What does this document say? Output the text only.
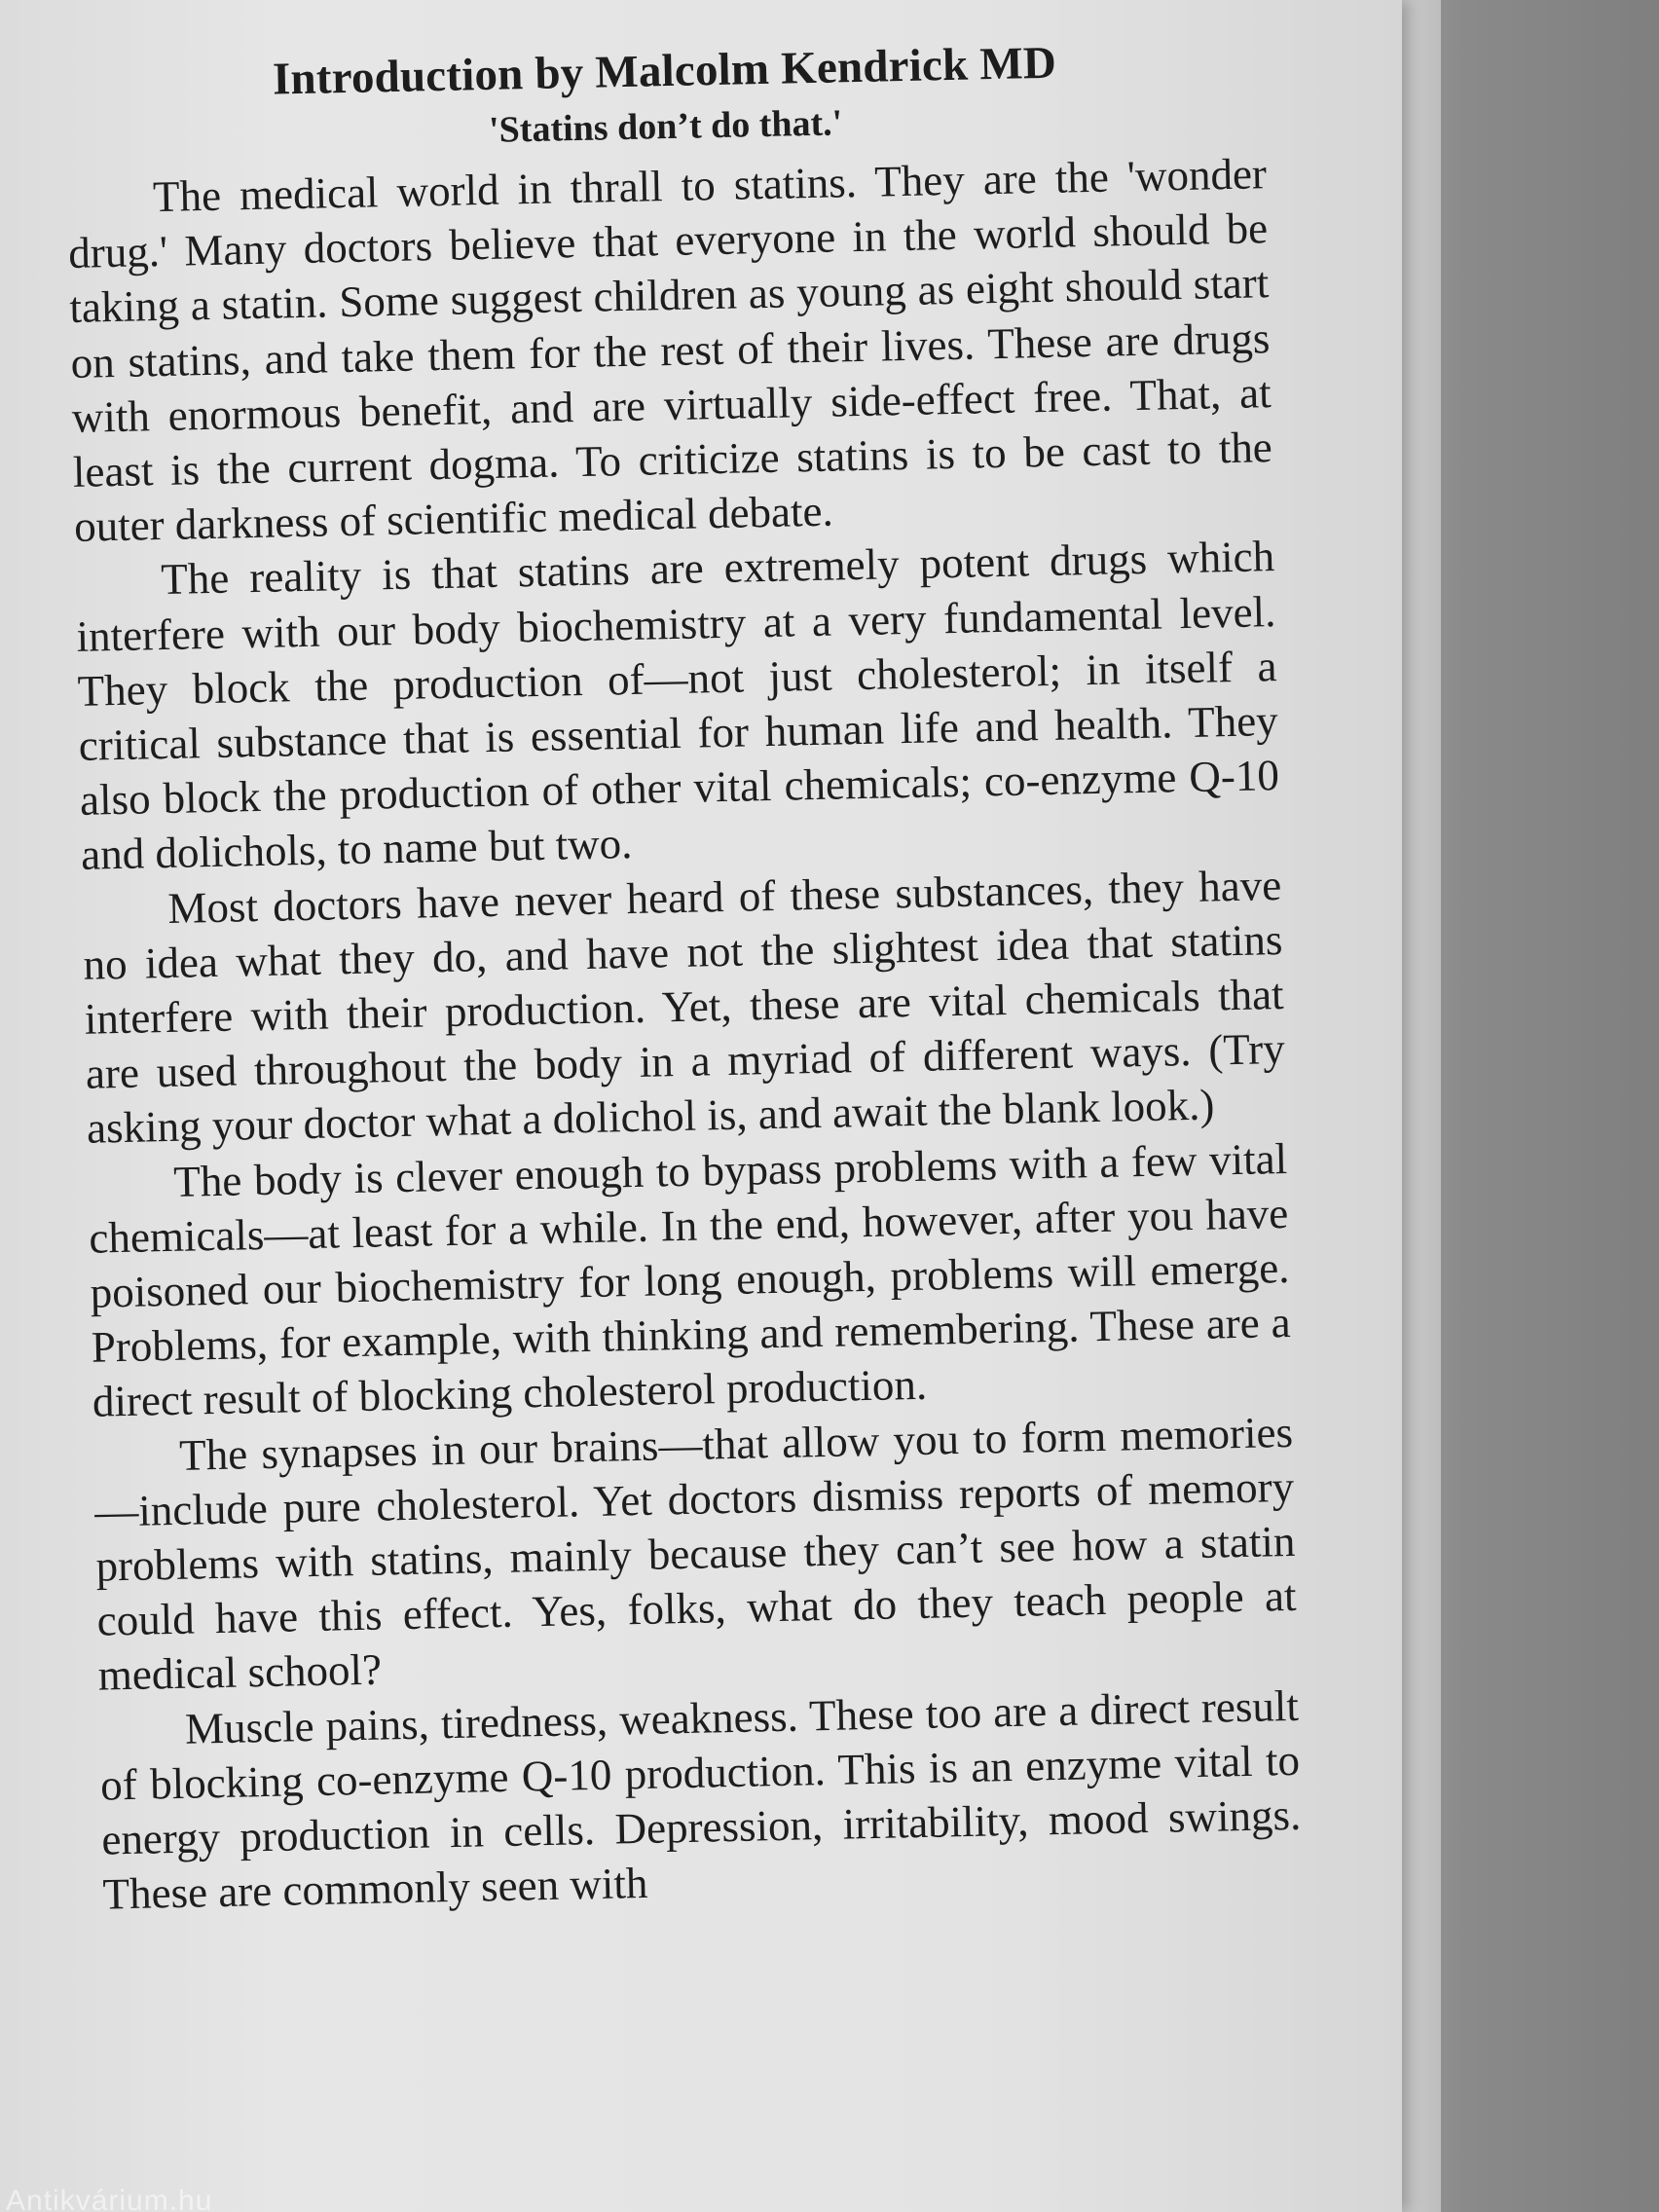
Introduction by Malcolm Kendrick MD
'Statins don’t do that.'

The medical world in thrall to statins. They are the 'wonder drug.' Many doctors believe that everyone in the world should be taking a statin. Some suggest children as young as eight should start on statins, and take them for the rest of their lives. These are drugs with enormous benefit, and are virtually side-effect free. That, at least is the current dogma. To criticize statins is to be cast to the outer darkness of scientific medical debate.

The reality is that statins are extremely potent drugs which interfere with our body biochemistry at a very fundamental level. They block the production of—not just cholesterol; in itself a critical substance that is essential for human life and health. They also block the production of other vital chemicals; co-enzyme Q-10 and dolichols, to name but two.

Most doctors have never heard of these substances, they have no idea what they do, and have not the slightest idea that statins interfere with their production. Yet, these are vital chemicals that are used throughout the body in a myriad of different ways. (Try asking your doctor what a dolichol is, and await the blank look.)

The body is clever enough to bypass problems with a few vital chemicals—at least for a while. In the end, however, after you have poisoned our biochemistry for long enough, problems will emerge. Problems, for example, with thinking and remembering. These are a direct result of blocking cholesterol production.

The synapses in our brains—that allow you to form memories—include pure cholesterol. Yet doctors dismiss reports of memory problems with statins, mainly because they can’t see how a statin could have this effect. Yes, folks, what do they teach people at medical school?

Muscle pains, tiredness, weakness. These too are a direct result of blocking co-enzyme Q-10 production. This is an enzyme vital to energy production in cells. Depression, irritability, mood swings. These are commonly seen with

Antikvárium.hu
